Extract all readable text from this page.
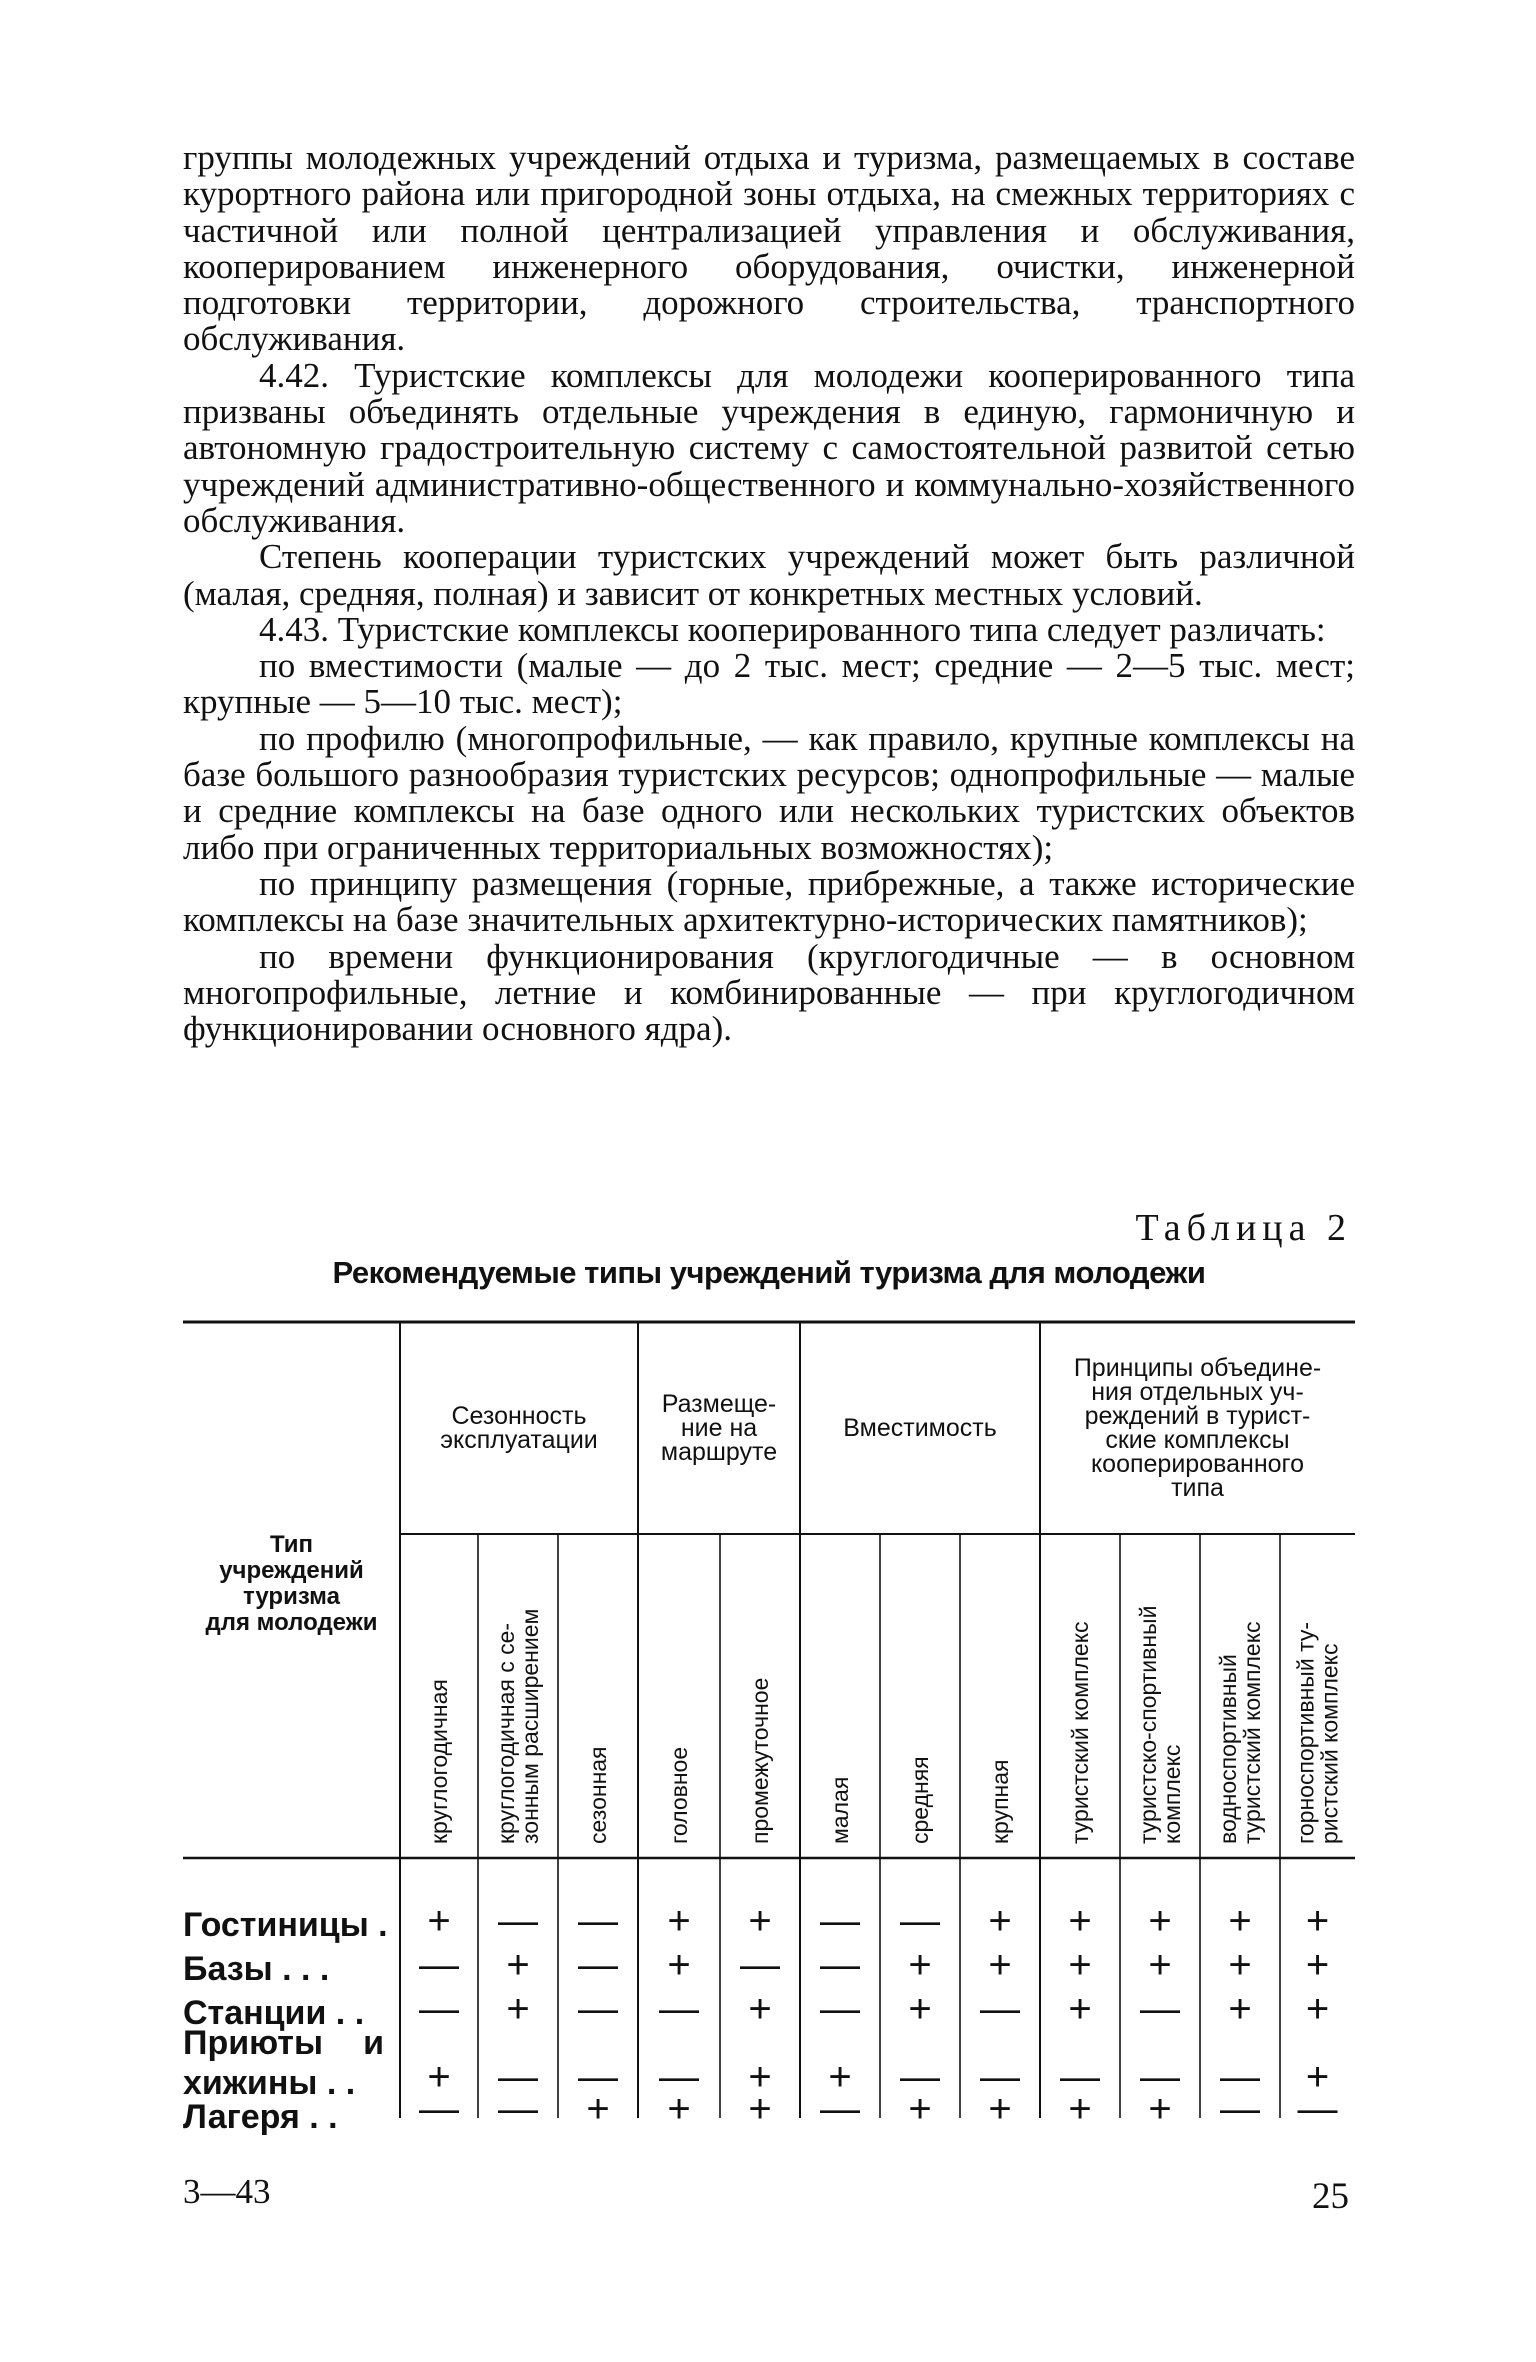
группы молодежных учреждений отдыха и туризма, размещаемых в составе курортного района или пригородной зоны отдыха, на смежных территориях с частичной или полной централизацией управления и обслуживания, кооперированием инженерного оборудования, очистки, инженерной подготовки территории, дорожного строительства, транспортного обслуживания.

4.42. Туристские комплексы для молодежи кооперированного типа призваны объединять отдельные учреждения в единую, гармоничную и автономную градостроительную систему с самостоятельной развитой сетью учреждений административно-общественного и коммунально-хозяйственного обслуживания.

Степень кооперации туристских учреждений может быть различной (малая, средняя, полная) и зависит от конкретных местных условий.

4.43. Туристские комплексы кооперированного типа следует различать:

по вместимости (малые — до 2 тыс. мест; средние — 2—5 тыс. мест; крупные — 5—10 тыс. мест);

по профилю (многопрофильные, — как правило, крупные комплексы на базе большого разнообразия туристских ресурсов; однопрофильные — малые и средние комплексы на базе одного или нескольких туристских объектов либо при ограниченных территориальных возможностях);

по принципу размещения (горные, прибрежные, а также исторические комплексы на базе значительных архитектурно-исторических памятников);

по времени функционирования (круглогодичные — в основном многопрофильные, летние и комбинированные — при круглогодичном функционировании основного ядра).

Таблица 2
Рекомендуемые типы учреждений туризма для молодежи
Тип
учреждений
туризма
для молодежи
Сезонность
эксплуатации
Размеще-
ние на
маршруте
Вместимость
Принципы объедине-
ния отдельных уч-
реждений в турист-
ские комплексы
кооперированного
типа
круглогодичная круглогодичная с се-
зонным расширением сезонная головное промежуточное малая средняя крупная туристский комплекс туристско-спортивный
комплекс водноспортивный
туристский комплекс горноспортивный ту-
ристский комплекс
Гостиницы . + — — + + — — + + + + +
Базы . . . — + — + — — + + + + + +
Станции . . — + — — + — + — + — + +
Приюты и
хижины . . + — — — + + — — — — — +
Лагеря . . — — + + + — + + + + — —
3—43	25
